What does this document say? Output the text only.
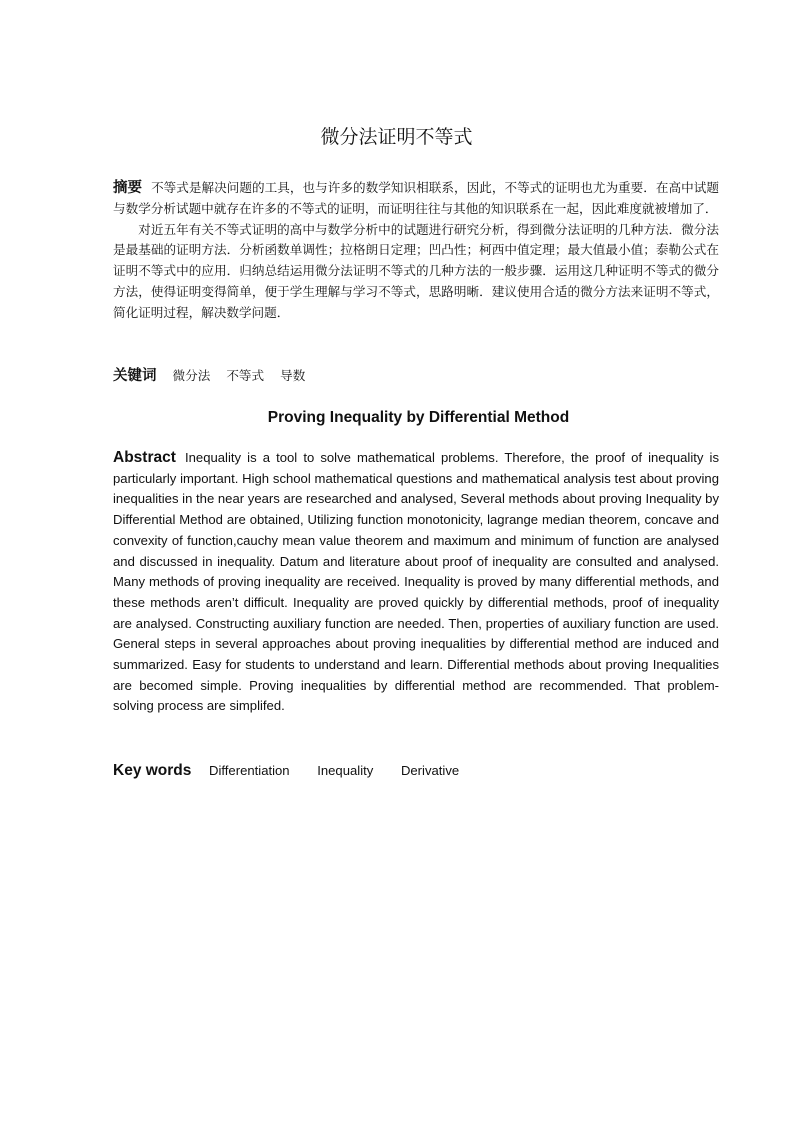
微分法证明不等式

摘要 不等式是解决问题的工具，也与许多的数学知识相联系，因此，不等式的证明也尤为重要．在高中试题与数学分析试题中就存在许多的不等式的证明，而证明往往与其他的知识联系在一起，因此难度就被增加了．

对近五年有关不等式证明的高中与数学分析中的试题进行研究分析，得到微分法证明的几种方法．微分法是最基础的证明方法．分析函数单调性；拉格朗日定理；凹凸性；柯西中值定理；最大值最小值；泰勒公式在证明不等式中的应用．归纳总结运用微分法证明不等式的几种方法的一般步骤．运用这几种证明不等式的微分方法，使得证明变得简单，便于学生理解与学习不等式，思路明晰．建议使用合适的微分方法来证明不等式，简化证明过程，解决数学问题．

关键词 微分法 不等式 导数
Proving Inequality by Differential Method

Abstract Inequality is a tool to solve mathematical problems. Therefore, the proof of inequality is particularly important. High school mathematical questions and mathematical analysis test about proving inequalities in the near years are researched and analysed, Several methods about proving Inequality by Differential Method are obtained, Utilizing function monotonicity, lagrange median theorem, concave and convexity of function,cauchy mean value theorem and maximum and minimum of function are analysed and discussed in inequality. Datum and literature about proof of inequality are consulted and analysed. Many methods of proving inequality are received. Inequality is proved by many differential methods, and these methods aren’t difficult. Inequality are proved quickly by differential methods, proof of inequality are analysed. Constructing auxiliary function are needed. Then, properties of auxiliary function are used. General steps in several approaches about proving inequalities by differential method are induced and summarized. Easy for students to understand and learn. Differential methods about proving Inequalities are becomed simple. Proving inequalities by differential method are recommended. That problem-solving process are simplifed.

Key words Differentiation Inequality Derivative
